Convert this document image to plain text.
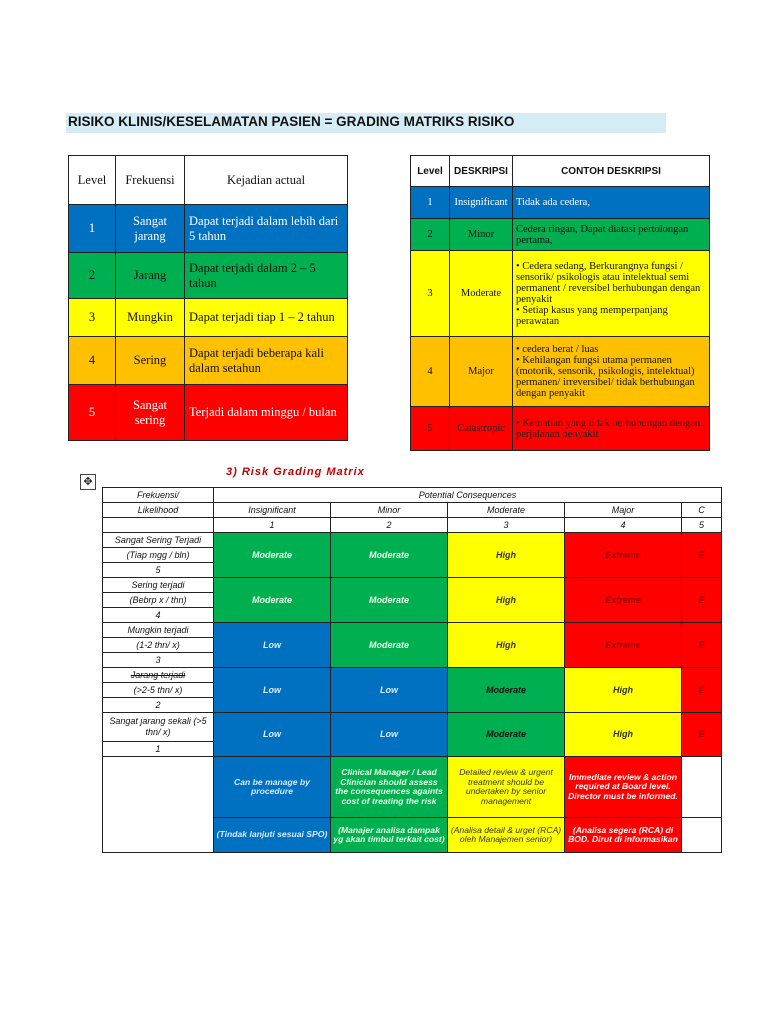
RISIKO KLINIS/KESELAMATAN PASIEN = GRADING MATRIKS RISIKO
Level	Frekuensi	Kejadian actual
1	Sangat jarang	Dapat terjadi dalam lebih dari 5 tahun
2	Jarang	Dapat terjadi dalam 2 – 5 tahun
3	Mungkin	Dapat terjadi tiap 1 – 2 tahun
4	Sering	Dapat terjadi beberapa kali dalam setahun
5	Sangat sering	Terjadi dalam minggu / bulan
Level	DESKRIPSI	CONTOH DESKRIPSI
1	Insignificant	Tidak ada cedera,
2	Minor	Cedera ringan, Dapat diatasi pertolongan pertama,
3	Moderate	• Cedera sedang, Berkurangnya fungsi / sensorik/ psikologis atau intelektual semi permanent / reversibel berhubungan dengan penyakit
• Setiap kasus yang memperpanjang perawatan

4	Major	• cedera berat / luas
• Kehilangan fungsi utama permanen (motorik, sensorik, psikologis, intelektual) permanen/ irreversibel/ tidak berhubungan dengan penyakit

5	Catastropic	• Kematian yang tidak berhubungan dengan perjalanan penyakit
✥
3) Risk Grading Matrix
Frekuensi/	Potential Consequences				
Likelihood	Insignificant	Minor	Moderate	Major	C
	1	2	3	4	5
Sangat Sering Terjadi	Moderate	Moderate	High	Extreme	E
(Tiap mgg / bln)					
5					
Sering terjadi	Moderate	Moderate	High	Extreme	E
(Bebrp x / thn)					
4					
Mungkin terjadi	Low	Moderate	High	Extreme	E
(1-2 thn/ x)					
3					
Jarang terjadi	Low	Low	Moderate	High	E
(>2-5 thn/ x)					
2					
Sangat jarang sekali (>5 thn/ x)	Low	Low	Moderate	High	E
1					
	Can be manage by procedure	Clinical Manager / Lead Clinician should assess the consequences againts cost of treating the risk	Detailed review & urgent treatment should be undertaken by senior management	Immediate review & action required at Board level. Director must be informed.	
	(Tindak lanjuti sesuai SPO)	(Manajer analisa dampak yg akan timbul terkait cost)	(Analisa detail & urget (RCA) oleh Manajemen senior)	(Analisa segera (RCA) di BOD. Dirut di informasikan	
